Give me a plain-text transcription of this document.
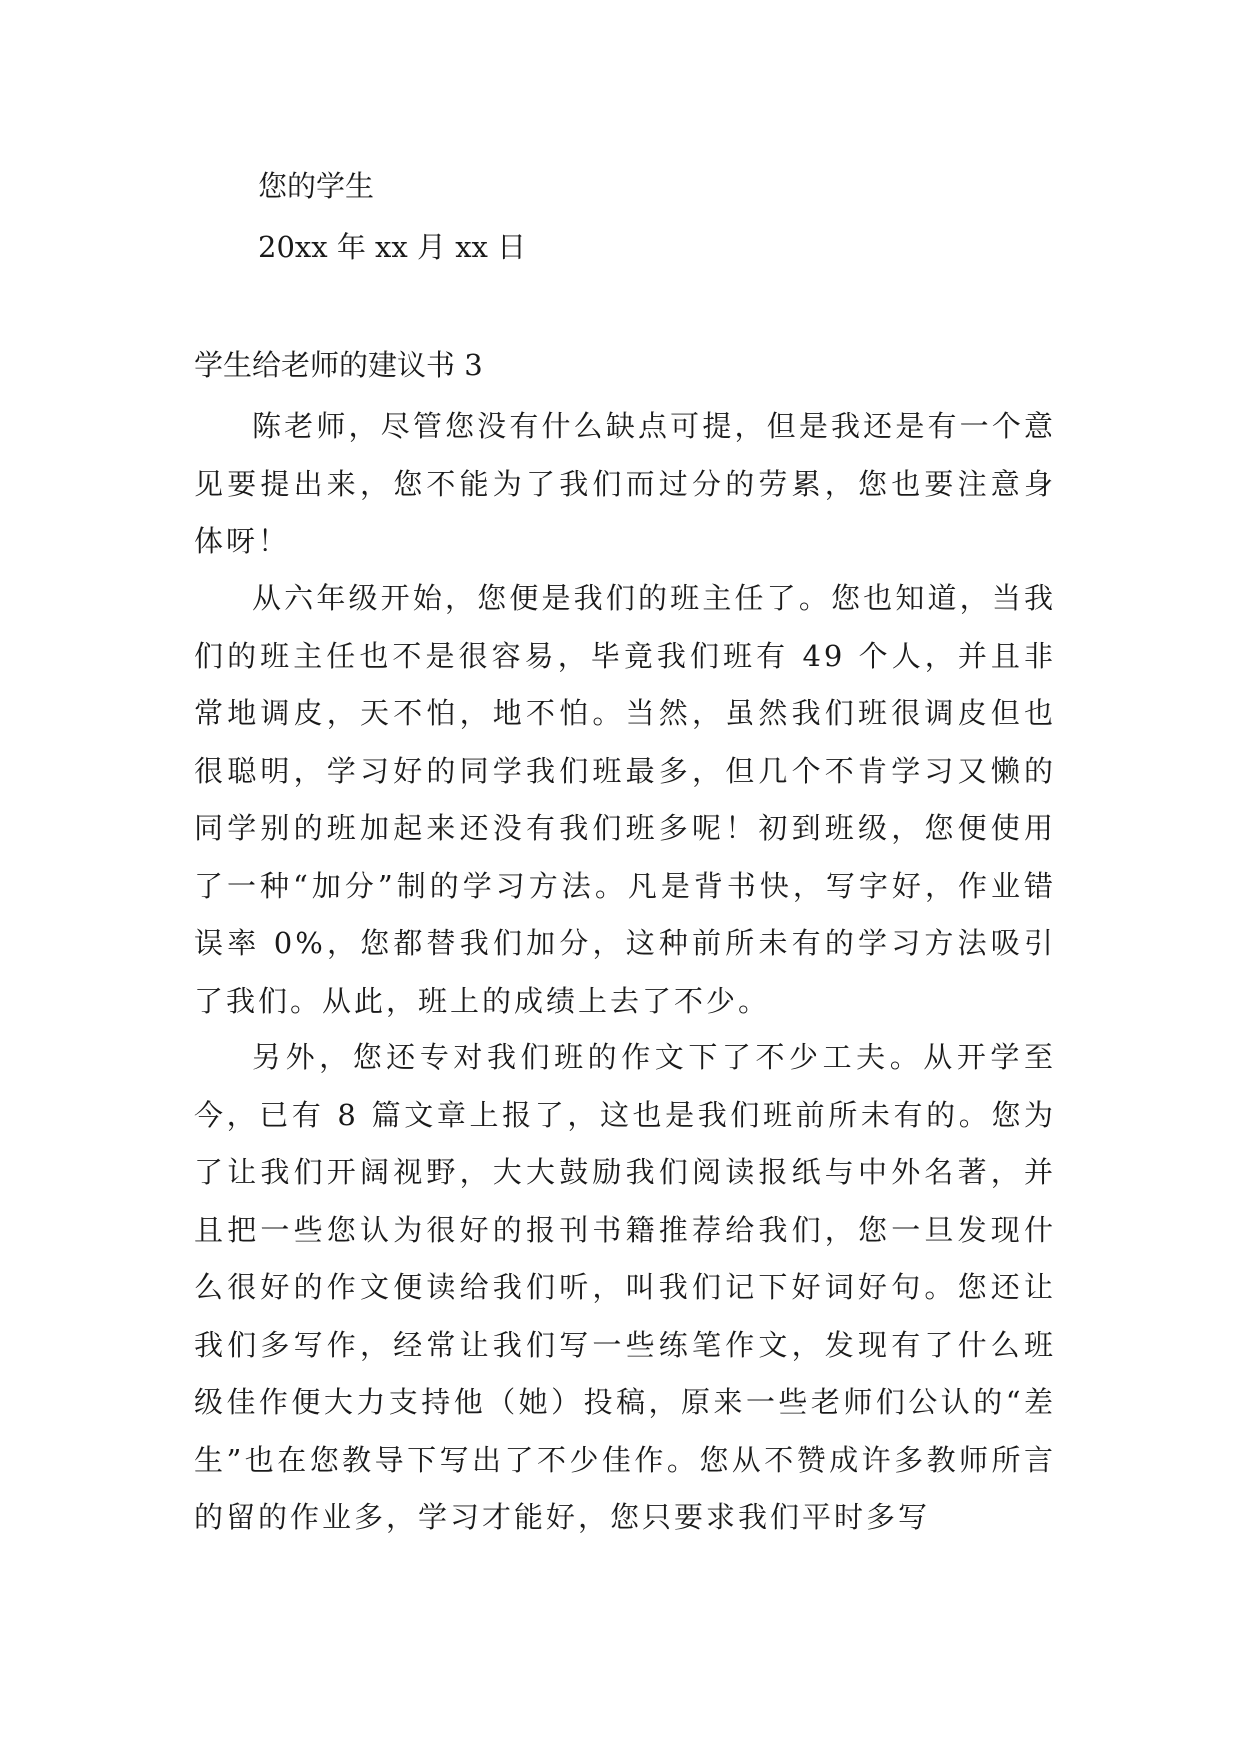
您的学生
20xx 年 xx 月 xx 日
学生给老师的建议书 3
陈老师，尽管您没有什么缺点可提，但是我还是有一个意见要提出来，您不能为了我们而过分的劳累，您也要注意身体呀！
从六年级开始，您便是我们的班主任了。您也知道，当我们的班主任也不是很容易，毕竟我们班有 49 个人，并且非常地调皮，天不怕，地不怕。当然，虽然我们班很调皮但也很聪明，学习好的同学我们班最多，但几个不肯学习又懒的同学别的班加起来还没有我们班多呢！初到班级，您便使用了一种“加分”制的学习方法。凡是背书快，写字好，作业错误率 0%，您都替我们加分，这种前所未有的学习方法吸引了我们。从此，班上的成绩上去了不少。
另外，您还专对我们班的作文下了不少工夫。从开学至今，已有 8 篇文章上报了，这也是我们班前所未有的。您为了让我们开阔视野，大大鼓励我们阅读报纸与中外名著，并且把一些您认为很好的报刊书籍推荐给我们，您一旦发现什么很好的作文便读给我们听，叫我们记下好词好句。您还让我们多写作，经常让我们写一些练笔作文，发现有了什么班级佳作便大力支持他（她）投稿，原来一些老师们公认的“差生”也在您教导下写出了不少佳作。您从不赞成许多教师所言的留的作业多，学习才能好，您只要求我们平时多写
